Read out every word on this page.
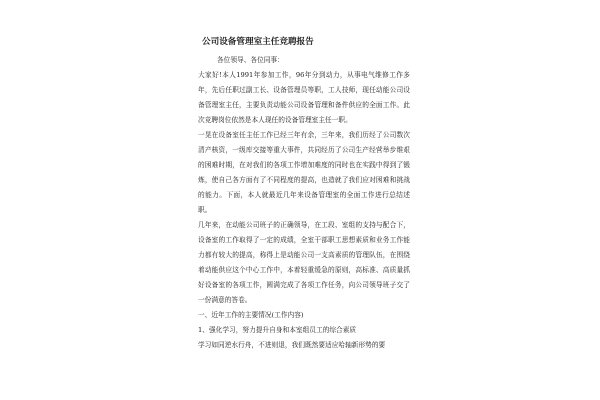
公司设备管理室主任竞聘报告

各位领导、各位同事：

大家好!本人1991年参加工作，96年分到动力，从事电气维修工作多年，先后任职过副工长、设备管理员等职，工人技师，现任动能公司设备管理室主任，主要负责动能公司设备管理和备件供应的全面工作。此次竞聘岗位依然是本人现任的设备管理室主任一职。

一晃在设备室任主任工作已经三年有余，三年来，我们历经了公司数次清产核资，一级库交接等重大事件，共同经历了公司生产经营举步维艰的困难时期，在对我们的各项工作增加难度的同时也在实践中得到了锻炼，使自己各方面有了不同程度的提高，也造就了我们应对困难和挑战的能力。下面，本人就最近几年来设备管理室的全面工作进行总结述职。

几年来，在动能公司班子的正确领导，在工段、室组的支持与配合下，设备室的工作取得了一定的成绩，全室干部职工思想素质和业务工作能力都有较大的提高，称得上是动能公司一支高素质的管理队伍，在围绕着动能供应这个中心工作中，本着轻重缓急的原则，高标准、高质量抓好设备室的各项工作，圆满完成了各项工作任务，向公司领导班子交了一份满意的答卷。

一、近年工作的主要情况(工作内容)

1、强化学习，努力提升自身和本室组员工的综合素质

学习如同逆水行舟，不进则退，我们既然要适应哈轴新形势的要
